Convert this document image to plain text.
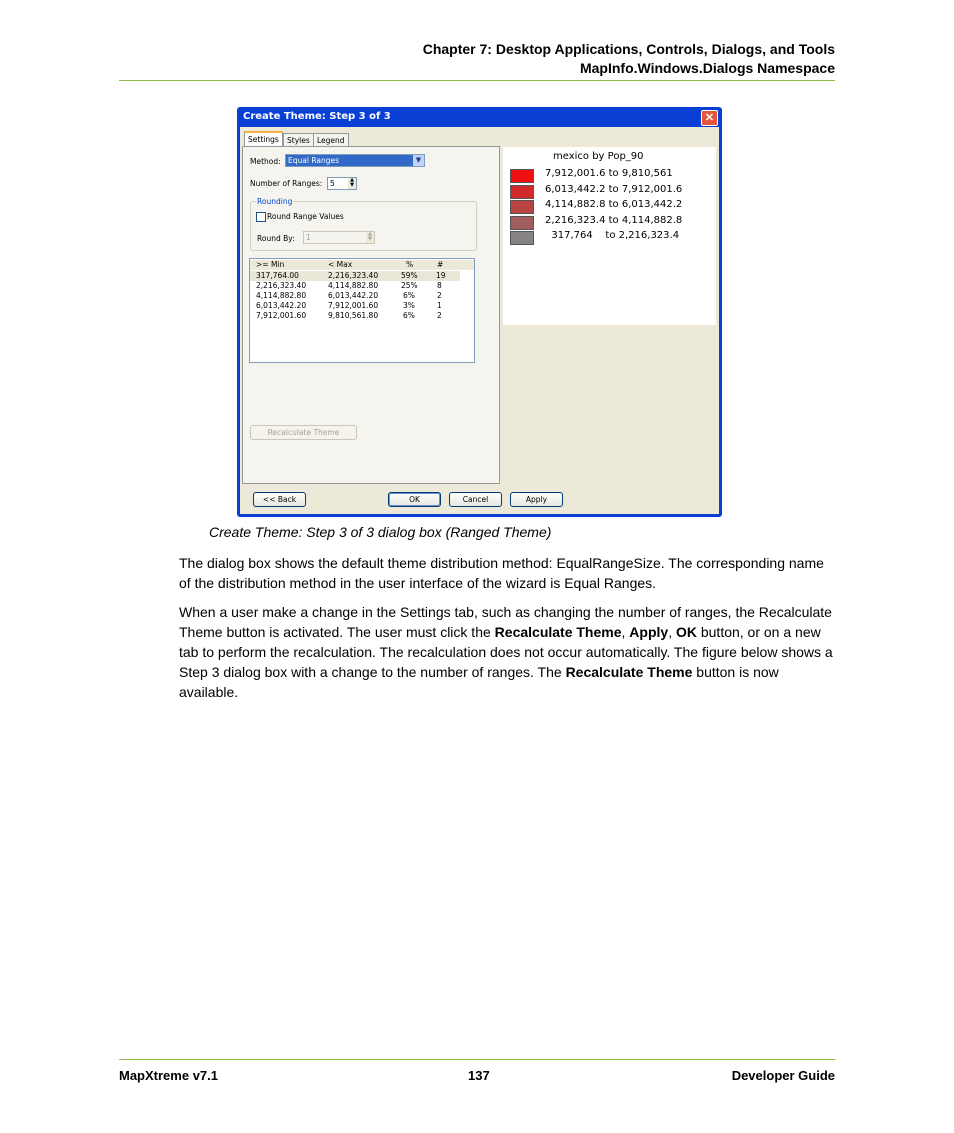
Chapter 7: Desktop Applications, Controls, Dialogs, and Tools
MapInfo.Windows.Dialogs Namespace
Create Theme: Step 3 of 3	✕
Settings	Styles Legend
Method: Equal Ranges	▼
Number of Ranges: 5	▲
▼
Rounding
Round Range Values
Round By: 1	▲
▼
>= Min	< Max	%	#
317,764.00	2,216,323.40	59% 19
2,216,323.40	4,114,882.80	25%	8
4,114,882.80	6,013,442.20	6%	2
6,013,442.20	7,912,001.60	3%	1
7,912,001.60	9,810,561.80	6%	2
Recalculate Theme
mexico by Pop_90
7,912,001.6 to 9,810,561
6,013,442.2 to 7,912,001.6
4,114,882.8 to 6,013,442.2
2,216,323.4 to 4,114,882.8
317,764    to 2,216,323.4
<< Back	OK	Cancel	Apply
Create Theme: Step 3 of 3 dialog box (Ranged Theme)
The dialog box shows the default theme distribution method: EqualRangeSize. The corresponding name of the distribution method in the user interface of the wizard is Equal Ranges.
When a user make a change in the Settings tab, such as changing the number of ranges, the Recalculate Theme button is activated. The user must click the Recalculate Theme, Apply, OK button, or on a new tab to perform the recalculation. The recalculation does not occur automatically. The figure below shows a Step 3 dialog box with a change to the number of ranges. The Recalculate Theme button is now available.
MapXtreme v7.1	137	Developer Guide
